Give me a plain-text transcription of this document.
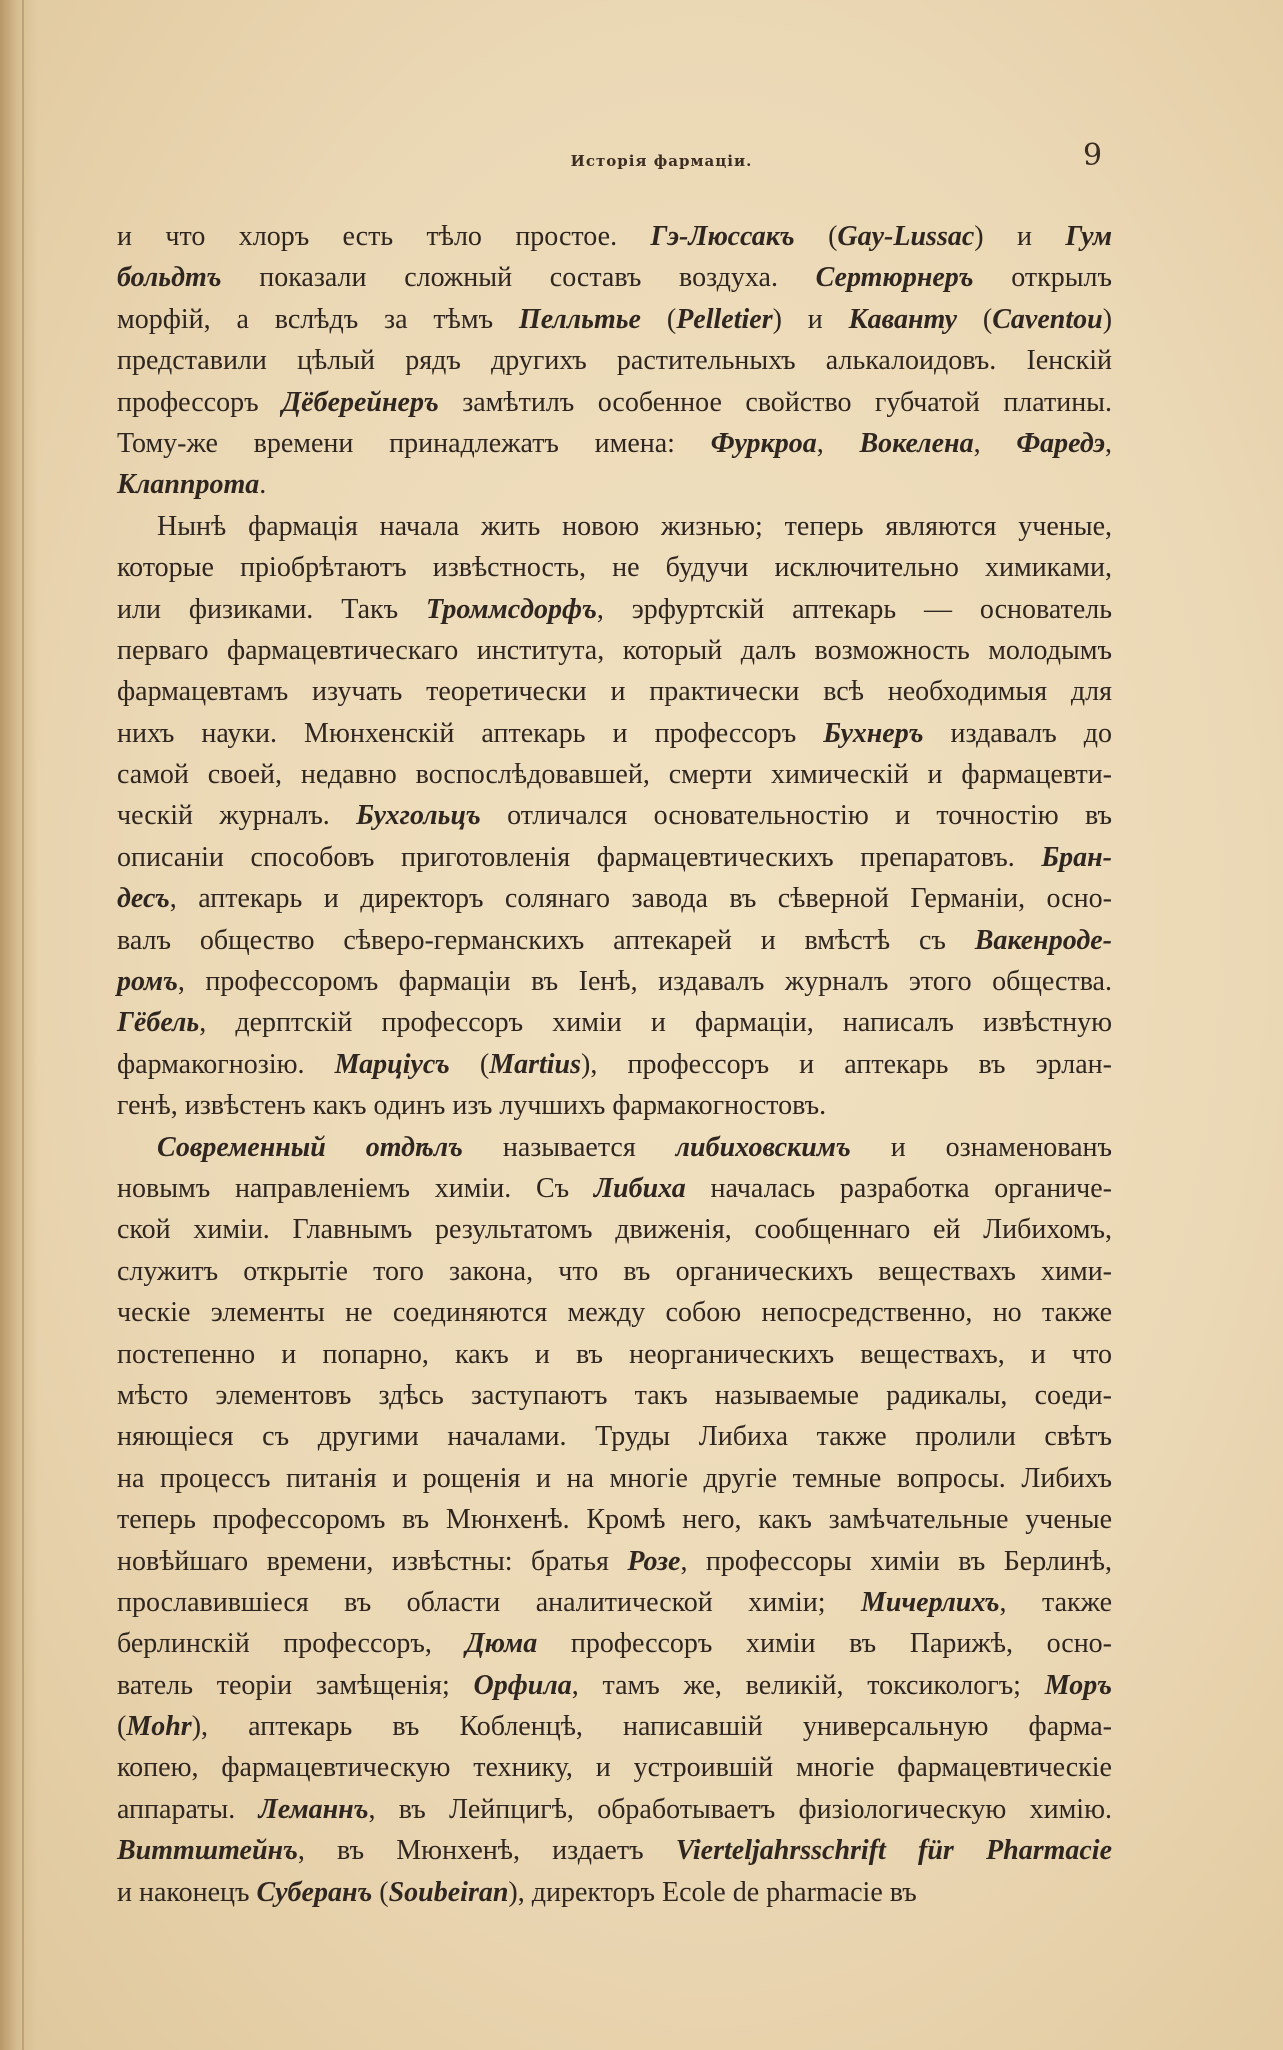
Исторія фармаціи.	9
и что хлоръ есть тѣло простое. Гэ-Люссакъ (Gay-Lussac) и Гум
больдтъ показали сложный составъ воздуха. Сертюрнеръ открылъ
морфій, а вслѣдъ за тѣмъ Пелльтье (Pelletier) и Каванту (Caventou)
представили цѣлый рядъ другихъ растительныхъ алькалоидовъ. Іенскій
профессоръ Дёберейнеръ замѣтилъ особенное свойство губчатой платины.
Тому-же времени принадлежатъ имена: Фуркроа, Вокелена, Фаредэ,
Клаппрота.
Нынѣ фармація начала жить новою жизнью; теперь являются ученые,
которые пріобрѣтаютъ извѣстность, не будучи исключительно химиками,
или физиками. Такъ Троммсдорфъ, эрфуртскій аптекарь — основатель
перваго фармацевтическаго института, который далъ возможность молодымъ
фармацевтамъ изучать теоретически и практически всѣ необходимыя для
нихъ науки. Мюнхенскій аптекарь и профессоръ Бухнеръ издавалъ до
самой своей, недавно воспослѣдовавшей, смерти химическій и фармацевти-
ческій журналъ. Бухгольцъ отличался основательностію и точностію въ
описаніи способовъ приготовленія фармацевтическихъ препаратовъ. Бран-
десъ, аптекарь и директоръ солянаго завода въ сѣверной Германіи, осно-
валъ общество сѣверо-германскихъ аптекарей и вмѣстѣ съ Вакенроде-
ромъ, профессоромъ фармаціи въ Іенѣ, издавалъ журналъ этого общества.
Гёбель, дерптскій профессоръ химіи и фармаціи, написалъ извѣстную
фармакогнозію. Марціусъ (Martius), профессоръ и аптекарь въ эрлан-
генѣ, извѣстенъ какъ одинъ изъ лучшихъ фармакогностовъ.
Современный отдѣлъ называется либиховскимъ и ознаменованъ
новымъ направленіемъ химіи. Съ Либиха началась разработка органиче-
ской химіи. Главнымъ результатомъ движенія, сообщеннаго ей Либихомъ,
служитъ открытіе того закона, что въ органическихъ веществахъ хими-
ческіе элементы не соединяются между собою непосредственно, но также
постепенно и попарно, какъ и въ неорганическихъ веществахъ, и что
мѣсто элементовъ здѣсь заступаютъ такъ называемые радикалы, соеди-
няющіеся съ другими началами. Труды Либиха также пролили свѣтъ
на процессъ питанія и рощенія и на многіе другіе темные вопросы. Либихъ
теперь профессоромъ въ Мюнхенѣ. Кромѣ него, какъ замѣчательные ученые
новѣйшаго времени, извѣстны: братья Розе, профессоры химіи въ Берлинѣ,
прославившіеся въ области аналитической химіи; Мичерлихъ, также
берлинскій профессоръ, Дюма профессоръ химіи въ Парижѣ, осно-
ватель теоріи замѣщенія; Орфила, тамъ же, великій, токсикологъ; Моръ
(Mohr), аптекарь въ Кобленцѣ, написавшій универсальную фарма-
копею, фармацевтическую технику, и устроившій многіе фармацевтическіе
аппараты. Леманнъ, въ Лейпцигѣ, обработываетъ физіологическую химію.
Виттштейнъ, въ Мюнхенѣ, издаетъ Vierteljahrsschrift für Pharmacie
и наконецъ Суберанъ (Soubeiran), директоръ Ecole de pharmacie въ
